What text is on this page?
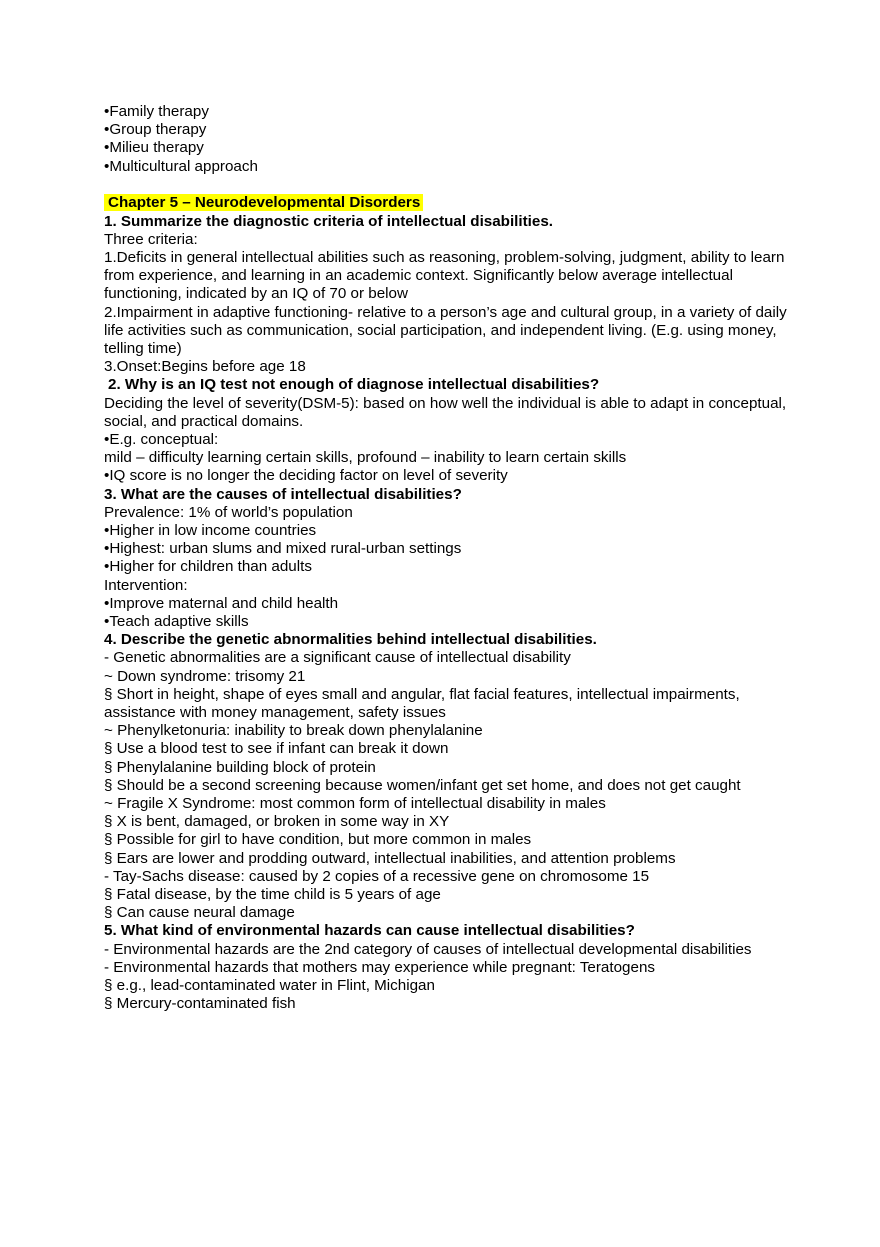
•Family therapy
•Group therapy
•Milieu therapy
•Multicultural approach
Chapter 5 – Neurodevelopmental Disorders
1. Summarize the diagnostic criteria of intellectual disabilities.
Three criteria:
1.Deficits in general intellectual abilities such as reasoning, problem-solving, judgment, ability to learn from experience, and learning in an academic context. Significantly below average intellectual functioning, indicated by an IQ of 70 or below
2.Impairment in adaptive functioning- relative to a person’s age and cultural group, in a variety of daily life activities such as communication, social participation, and independent living. (E.g. using money, telling time)
3.Onset:Begins before age 18
2. Why is an IQ test not enough of diagnose intellectual disabilities?
Deciding the level of severity(DSM-5): based on how well the individual is able to adapt in conceptual, social, and practical domains.
•E.g. conceptual:
mild – difficulty learning certain skills, profound – inability to learn certain skills
•IQ score is no longer the deciding factor on level of severity
3. What are the causes of intellectual disabilities?
Prevalence: 1% of world’s population
•Higher in low income countries
•Highest: urban slums and mixed rural-urban settings
•Higher for children than adults
Intervention:
•Improve maternal and child health
•Teach adaptive skills
4. Describe the genetic abnormalities behind intellectual disabilities.
- Genetic abnormalities are a significant cause of intellectual disability
~ Down syndrome: trisomy 21
§ Short in height, shape of eyes small and angular, flat facial features, intellectual impairments, assistance with money management, safety issues
~ Phenylketonuria: inability to break down phenylalanine
§ Use a blood test to see if infant can break it down
§ Phenylalanine building block of protein
§ Should be a second screening because women/infant get set home, and does not get caught
~ Fragile X Syndrome: most common form of intellectual disability in males
§ X is bent, damaged, or broken in some way in XY
§ Possible for girl to have condition, but more common in males
§ Ears are lower and prodding outward, intellectual inabilities, and attention problems
- Tay-Sachs disease: caused by 2 copies of a recessive gene on chromosome 15
§ Fatal disease, by the time child is 5 years of age
§ Can cause neural damage
5. What kind of environmental hazards can cause intellectual disabilities?
- Environmental hazards are the 2nd category of causes of intellectual developmental disabilities
- Environmental hazards that mothers may experience while pregnant: Teratogens
§ e.g., lead-contaminated water in Flint, Michigan
§ Mercury-contaminated fish
